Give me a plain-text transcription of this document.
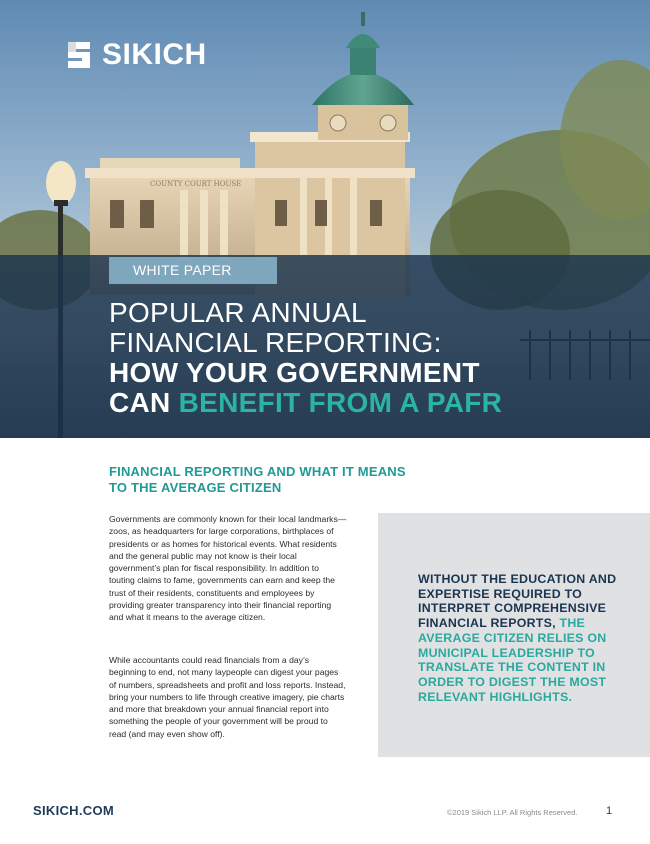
COUNTY COURT HOUSE
SIKICH
WHITE PAPER
POPULAR ANNUAL
FINANCIAL REPORTING:
HOW YOUR GOVERNMENT
CAN BENEFIT FROM A PAFR
FINANCIAL REPORTING AND WHAT IT MEANS
TO THE AVERAGE CITIZEN

Governments are commonly known for their local landmarks—zoos, as headquarters for large corporations, birthplaces of presidents or as homes for historical events. What residents and the general public may not know is their local government’s plan for fiscal responsibility. In addition to touting claims to fame, governments can earn and keep the trust of their residents, constituents and employees by providing greater transparency into their financial reporting and what it means to the average citizen.

While accountants could read financials from a day’s beginning to end, not many laypeople can digest your pages of numbers, spreadsheets and profit and loss reports. Instead, bring your numbers to life through creative imagery, pie charts and more that breakdown your annual financial report into something the people of your government will be proud to read (and may even show off).

WITHOUT THE EDUCATION AND EXPERTISE REQUIRED TO INTERPRET COMPREHENSIVE FINANCIAL REPORTS, THE AVERAGE CITIZEN RELIES ON MUNICIPAL LEADERSHIP TO TRANSLATE THE CONTENT IN ORDER TO DIGEST THE MOST RELEVANT HIGHLIGHTS.

SIKICH.COM	©2019 Sikich LLP. All Rights Reserved.	1
